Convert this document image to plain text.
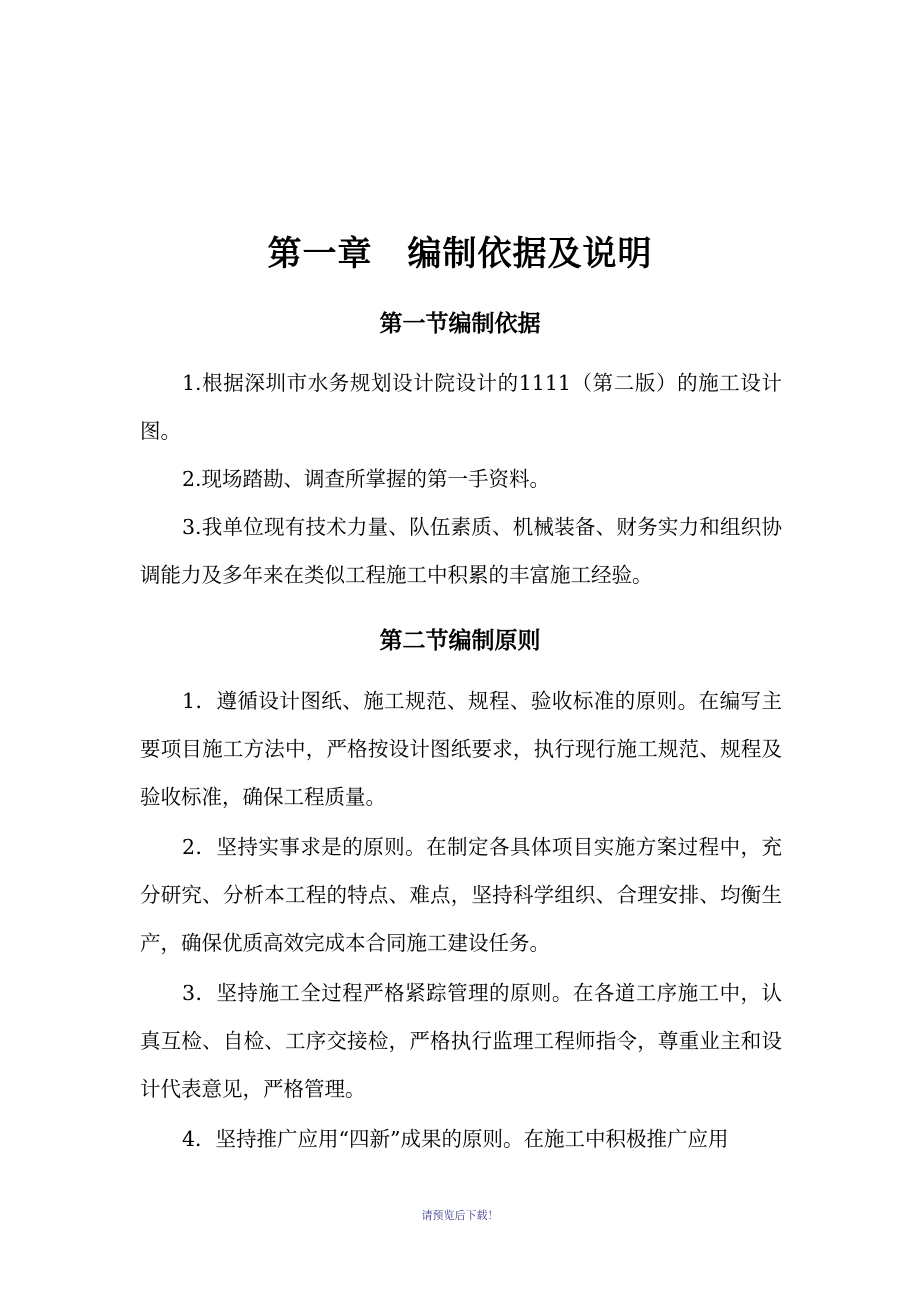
第一章　编制依据及说明
第一节编制依据

1.根据深圳市水务规划设计院设计的1111（第二版）的施工设计图。

2.现场踏勘、调查所掌握的第一手资料。

3.我单位现有技术力量、队伍素质、机械装备、财务实力和组织协调能力及多年来在类似工程施工中积累的丰富施工经验。

第二节编制原则

1．遵循设计图纸、施工规范、规程、验收标准的原则。在编写主要项目施工方法中，严格按设计图纸要求，执行现行施工规范、规程及验收标准，确保工程质量。

2．坚持实事求是的原则。在制定各具体项目实施方案过程中，充分研究、分析本工程的特点、难点，坚持科学组织、合理安排、均衡生产，确保优质高效完成本合同施工建设任务。

3．坚持施工全过程严格紧踪管理的原则。在各道工序施工中，认真互检、自检、工序交接检，严格执行监理工程师指令，尊重业主和设计代表意见，严格管理。

4．坚持推广应用“四新”成果的原则。在施工中积极推广应用

请预览后下载！
